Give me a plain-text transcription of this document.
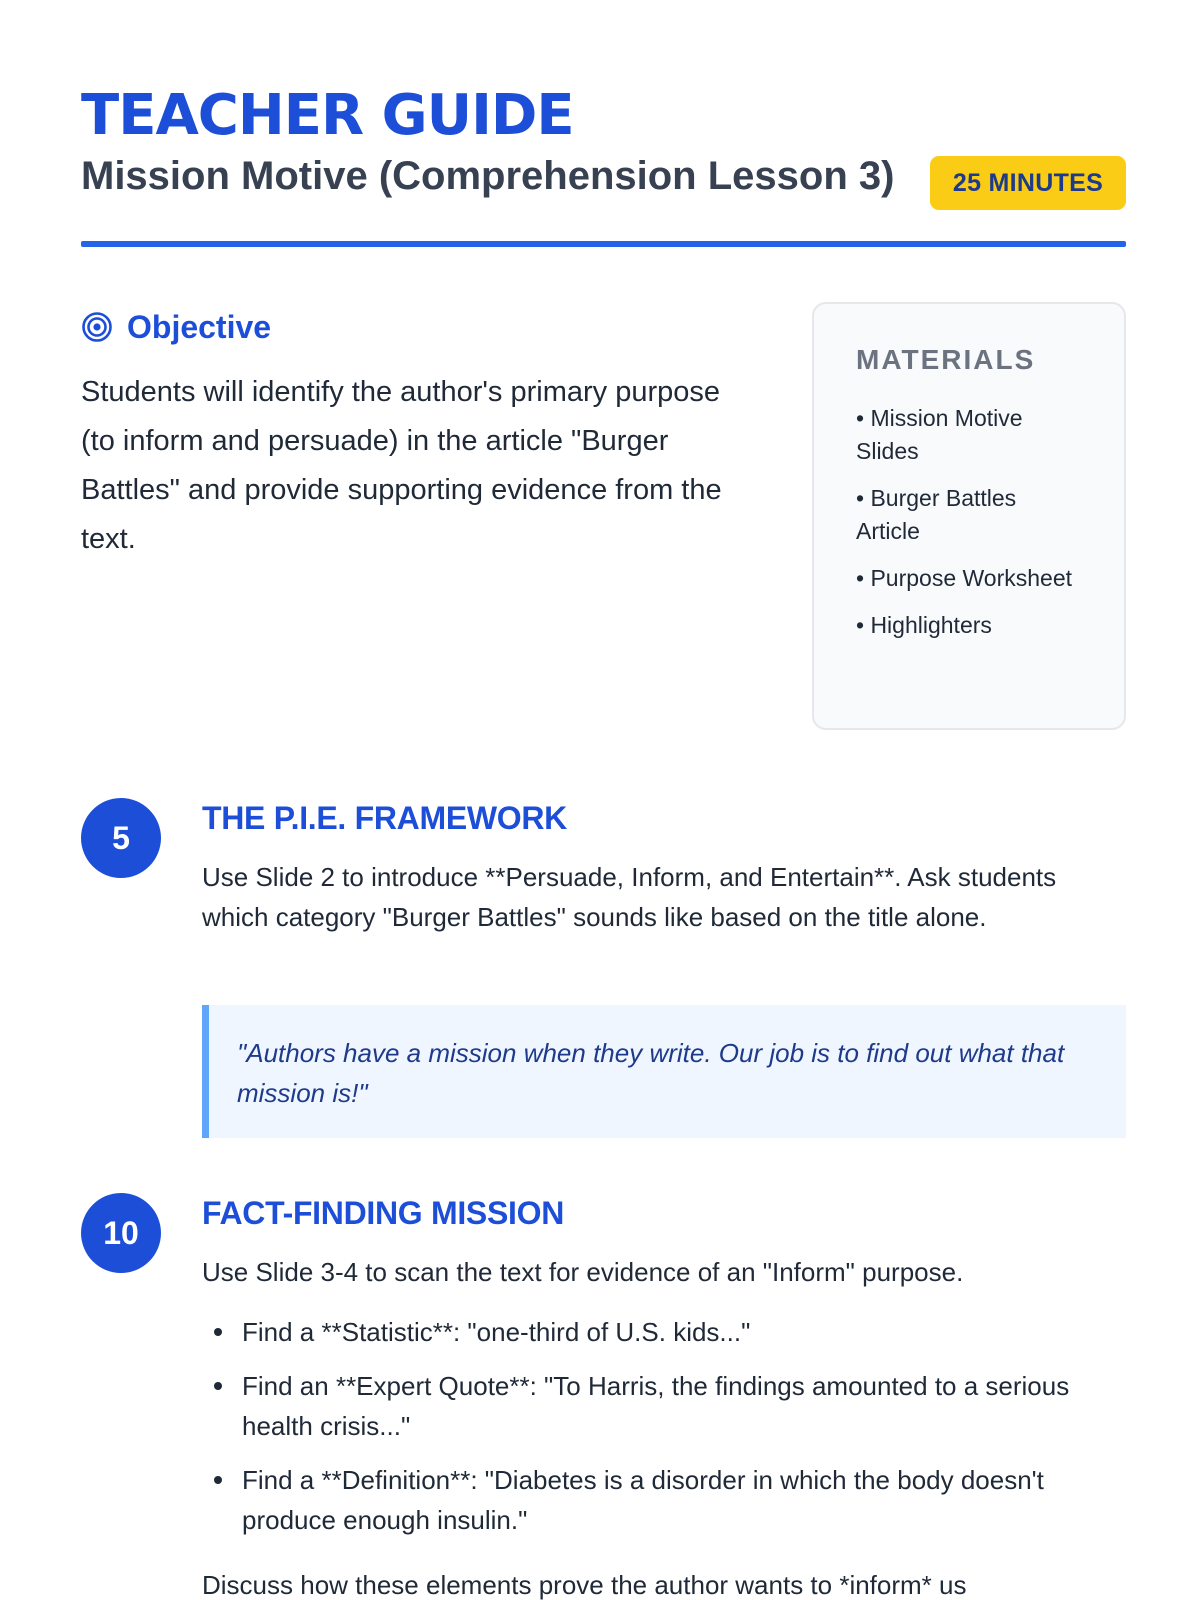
TEACHER GUIDE
Mission Motive (Comprehension Lesson 3)	25 MINUTES
Objective

Students will identify the author's primary purpose (to inform and persuade) in the article "Burger Battles" and provide supporting evidence from the text.

MATERIALS
• Mission Motive Slides
• Burger Battles Article
• Purpose Worksheet
• Highlighters
5
THE P.I.E. FRAMEWORK

Use Slide 2 to introduce **Persuade, Inform, and Entertain**. Ask students which category "Burger Battles" sounds like based on the title alone.

"Authors have a mission when they write. Our job is to find out what that mission is!"

10
FACT-FINDING MISSION

Use Slide 3-4 to scan the text for evidence of an "Inform" purpose.

Find a **Statistic**: "one-third of U.S. kids..."
Find an **Expert Quote**: "To Harris, the findings amounted to a serious health crisis..."
Find a **Definition**: "Diabetes is a disorder in which the body doesn't produce enough insulin."

Discuss how these elements prove the author wants to *inform* us
